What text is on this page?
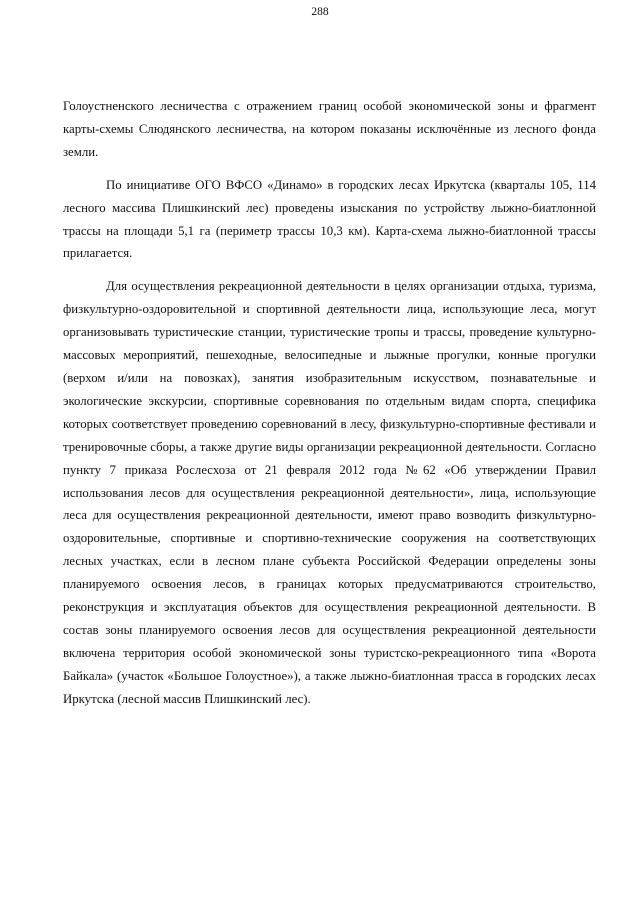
288

Голоустненского лесничества с отражением границ особой экономической зоны и фрагмент карты-схемы Слюдянского лесничества, на котором показаны исключённые из лесного фонда земли.

По инициативе ОГО ВФСО «Динамо» в городских лесах Иркутска (кварталы 105, 114 лесного массива Плишкинский лес) проведены изыскания по устройству лыжно-биатлонной трассы на площади 5,1 га (периметр трассы 10,3 км). Карта-схема лыжно-биатлонной трассы прилагается.

Для осуществления рекреационной деятельности в целях организации отдыха, туризма, физкультурно-оздоровительной и спортивной деятельности лица, использующие леса, могут организовывать туристические станции, туристические тропы и трассы, проведение культурно-массовых мероприятий, пешеходные, велосипедные и лыжные прогулки, конные прогулки (верхом и/или на повозках), занятия изобразительным искусством, познавательные и экологические экскурсии, спортивные соревнования по отдельным видам спорта, специфика которых соответствует проведению соревнований в лесу, физкультурно-спортивные фестивали и тренировочные сборы, а также другие виды организации рекреационной деятельности. Согласно пункту 7 приказа Рослесхоза от 21 февраля 2012 года №62 «Об утверждении Правил использования лесов для осуществления рекреационной деятельности», лица, использующие леса для осуществления рекреационной деятельности, имеют право возводить физкультурно-оздоровительные, спортивные и спортивно-технические сооружения на соответствующих лесных участках, если в лесном плане субъекта Российской Федерации определены зоны планируемого освоения лесов, в границах которых предусматриваются строительство, реконструкция и эксплуатация объектов для осуществления рекреационной деятельности. В состав зоны планируемого освоения лесов для осуществления рекреационной деятельности включена территория особой экономической зоны туристско-рекреационного типа «Ворота Байкала» (участок «Большое Голоустное»), а также лыжно-биатлонная трасса в городских лесах Иркутска (лесной массив Плишкинский лес).
